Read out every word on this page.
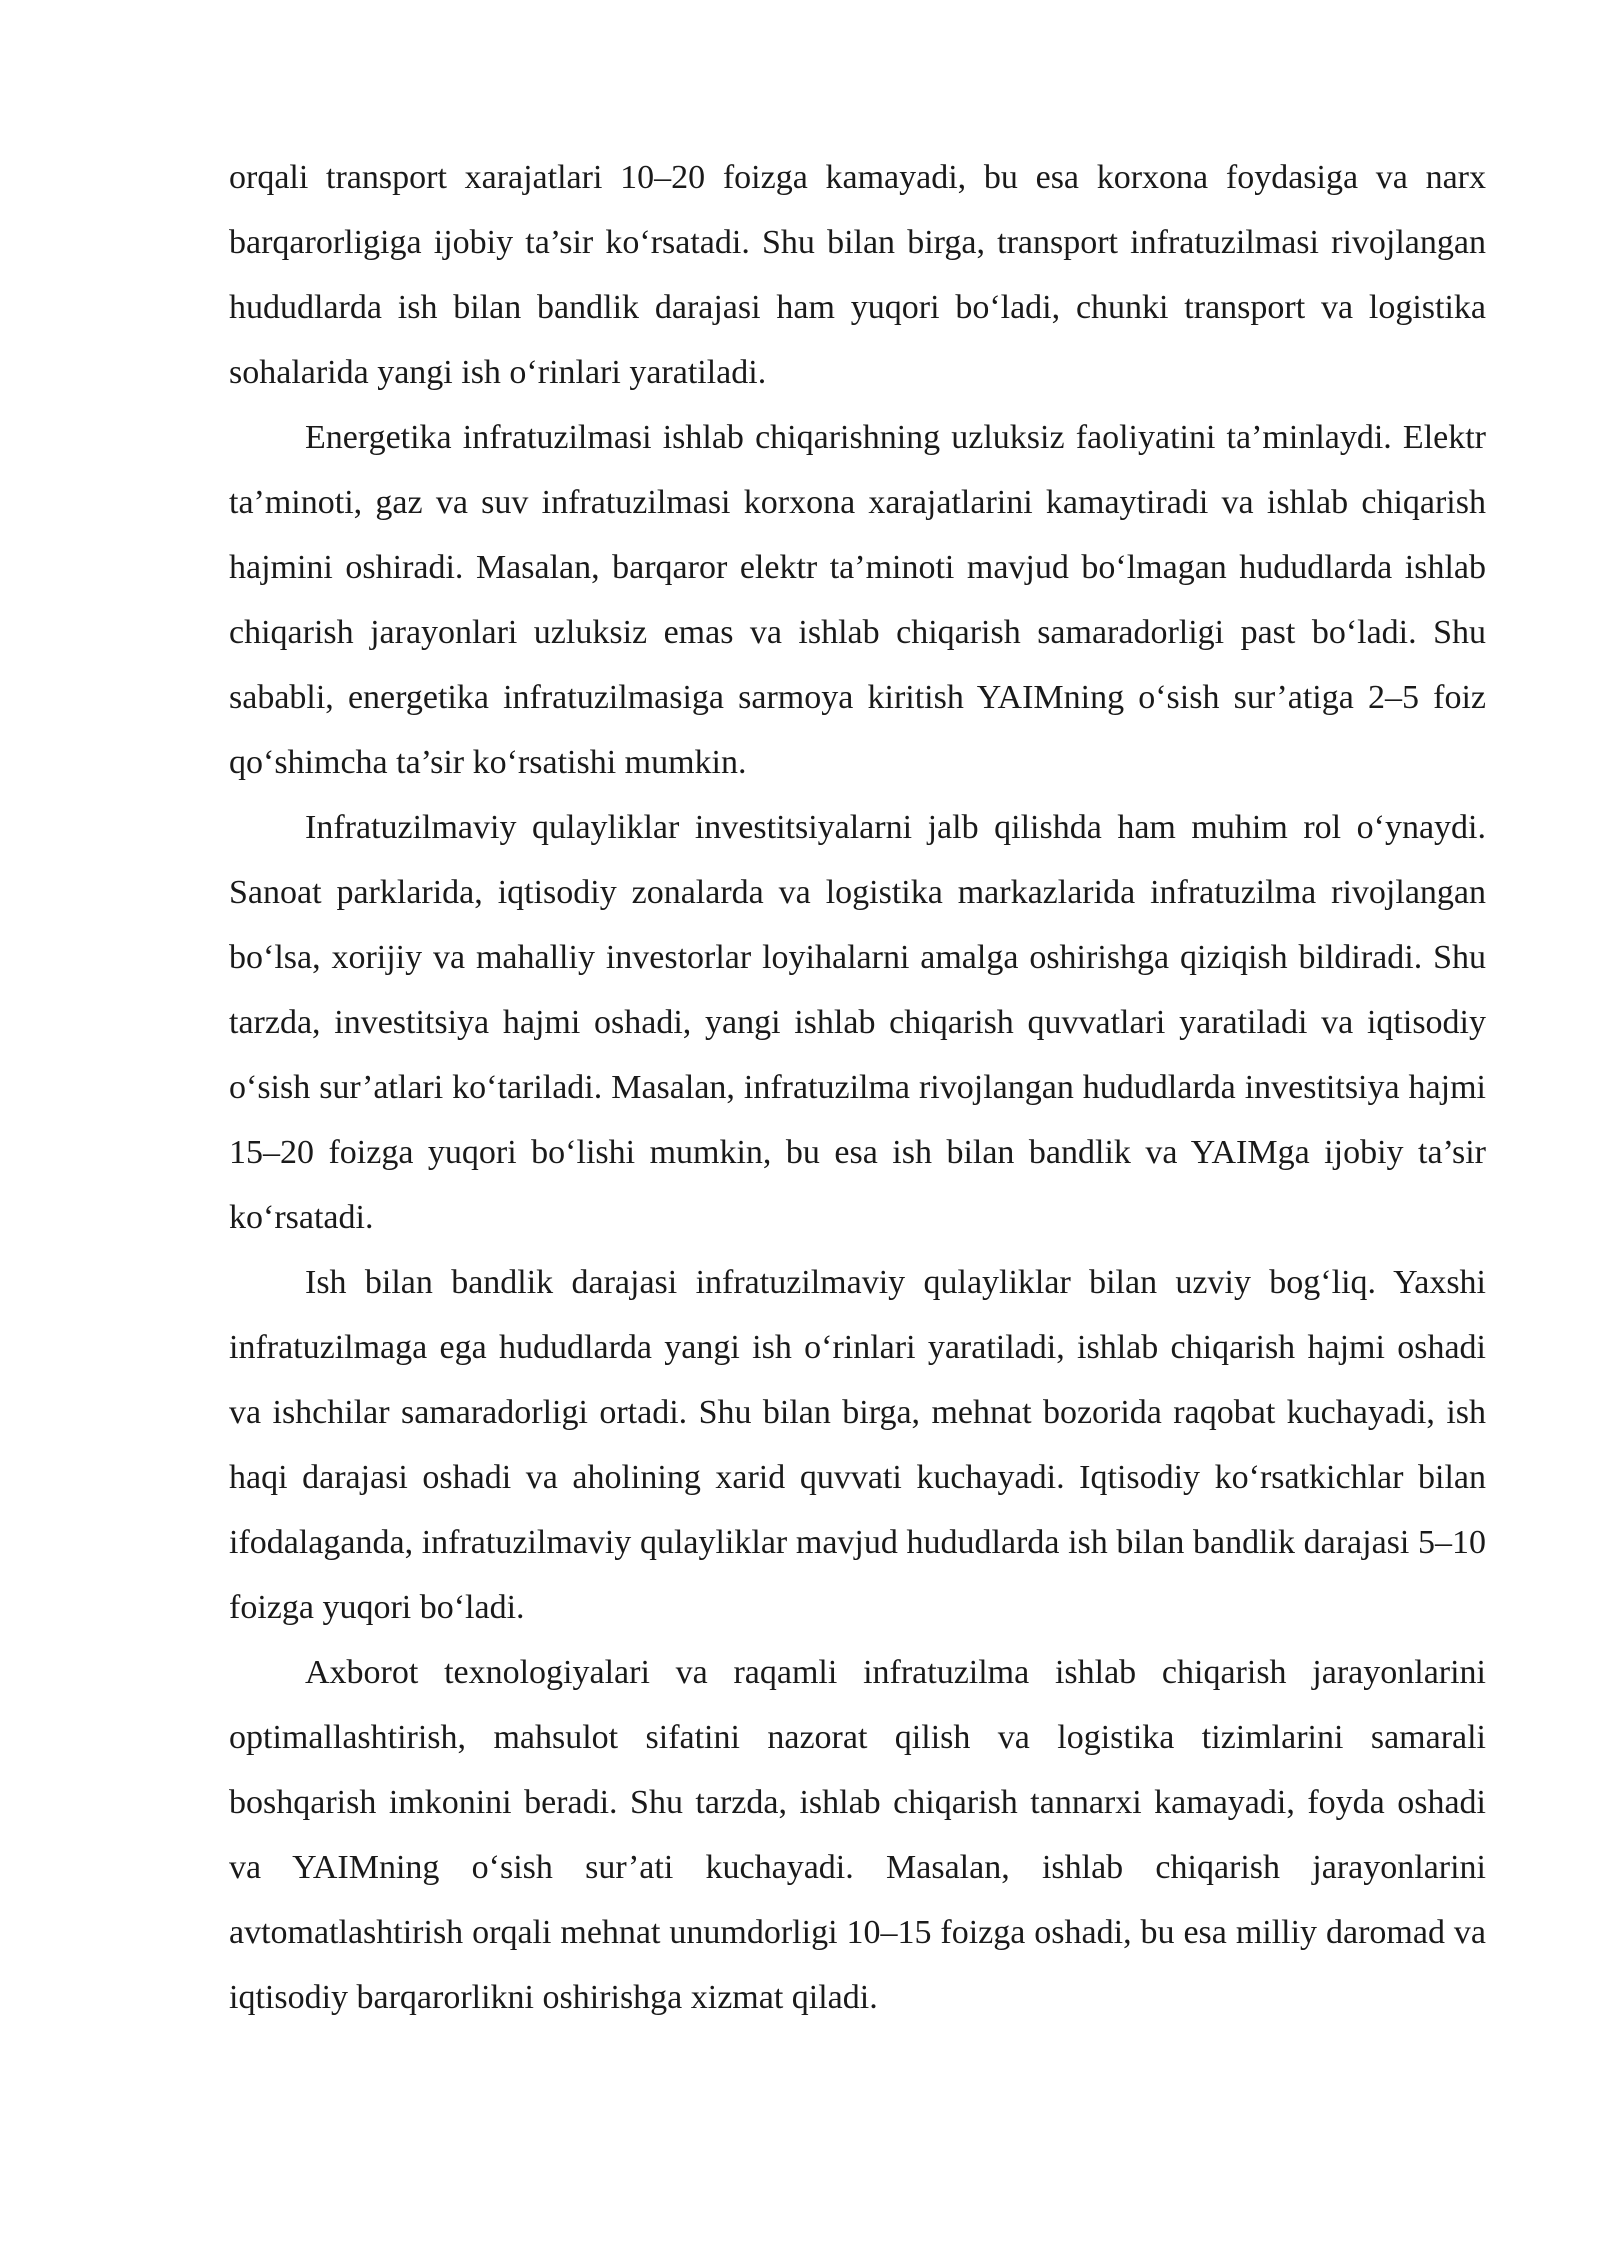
orqali transport xarajatlari 10–20 foizga kamayadi, bu esa korxona foydasiga va narx barqarorligiga ijobiy ta’sir ko‘rsatadi. Shu bilan birga, transport infratuzilmasi rivojlangan hududlarda ish bilan bandlik darajasi ham yuqori bo‘ladi, chunki transport va logistika sohalarida yangi ish o‘rinlari yaratiladi.

Energetika infratuzilmasi ishlab chiqarishning uzluksiz faoliyatini ta’minlaydi. Elektr ta’minoti, gaz va suv infratuzilmasi korxona xarajatlarini kamaytiradi va ishlab chiqarish hajmini oshiradi. Masalan, barqaror elektr ta’minoti mavjud bo‘lmagan hududlarda ishlab chiqarish jarayonlari uzluksiz emas va ishlab chiqarish samaradorligi past bo‘ladi. Shu sababli, energetika infratuzilmasiga sarmoya kiritish YAIMning o‘sish sur’atiga 2–5 foiz qo‘shimcha ta’sir ko‘rsatishi mumkin.

Infratuzilmaviy qulayliklar investitsiyalarni jalb qilishda ham muhim rol o‘ynaydi. Sanoat parklarida, iqtisodiy zonalarda va logistika markazlarida infratuzilma rivojlangan bo‘lsa, xorijiy va mahalliy investorlar loyihalarni amalga oshirishga qiziqish bildiradi. Shu tarzda, investitsiya hajmi oshadi, yangi ishlab chiqarish quvvatlari yaratiladi va iqtisodiy o‘sish sur’atlari ko‘tariladi. Masalan, infratuzilma rivojlangan hududlarda investitsiya hajmi 15–20 foizga yuqori bo‘lishi mumkin, bu esa ish bilan bandlik va YAIMga ijobiy ta’sir ko‘rsatadi.

Ish bilan bandlik darajasi infratuzilmaviy qulayliklar bilan uzviy bog‘liq. Yaxshi infratuzilmaga ega hududlarda yangi ish o‘rinlari yaratiladi, ishlab chiqarish hajmi oshadi va ishchilar samaradorligi ortadi. Shu bilan birga, mehnat bozorida raqobat kuchayadi, ish haqi darajasi oshadi va aholining xarid quvvati kuchayadi. Iqtisodiy ko‘rsatkichlar bilan ifodalaganda, infratuzilmaviy qulayliklar mavjud hududlarda ish bilan bandlik darajasi 5–10 foizga yuqori bo‘ladi.

Axborot texnologiyalari va raqamli infratuzilma ishlab chiqarish jarayonlarini optimallashtirish, mahsulot sifatini nazorat qilish va logistika tizimlarini samarali boshqarish imkonini beradi. Shu tarzda, ishlab chiqarish tannarxi kamayadi, foyda oshadi va YAIMning o‘sish sur’ati kuchayadi. Masalan, ishlab chiqarish jarayonlarini avtomatlashtirish orqali mehnat unumdorligi 10–15 foizga oshadi, bu esa milliy daromad va iqtisodiy barqarorlikni oshirishga xizmat qiladi.
